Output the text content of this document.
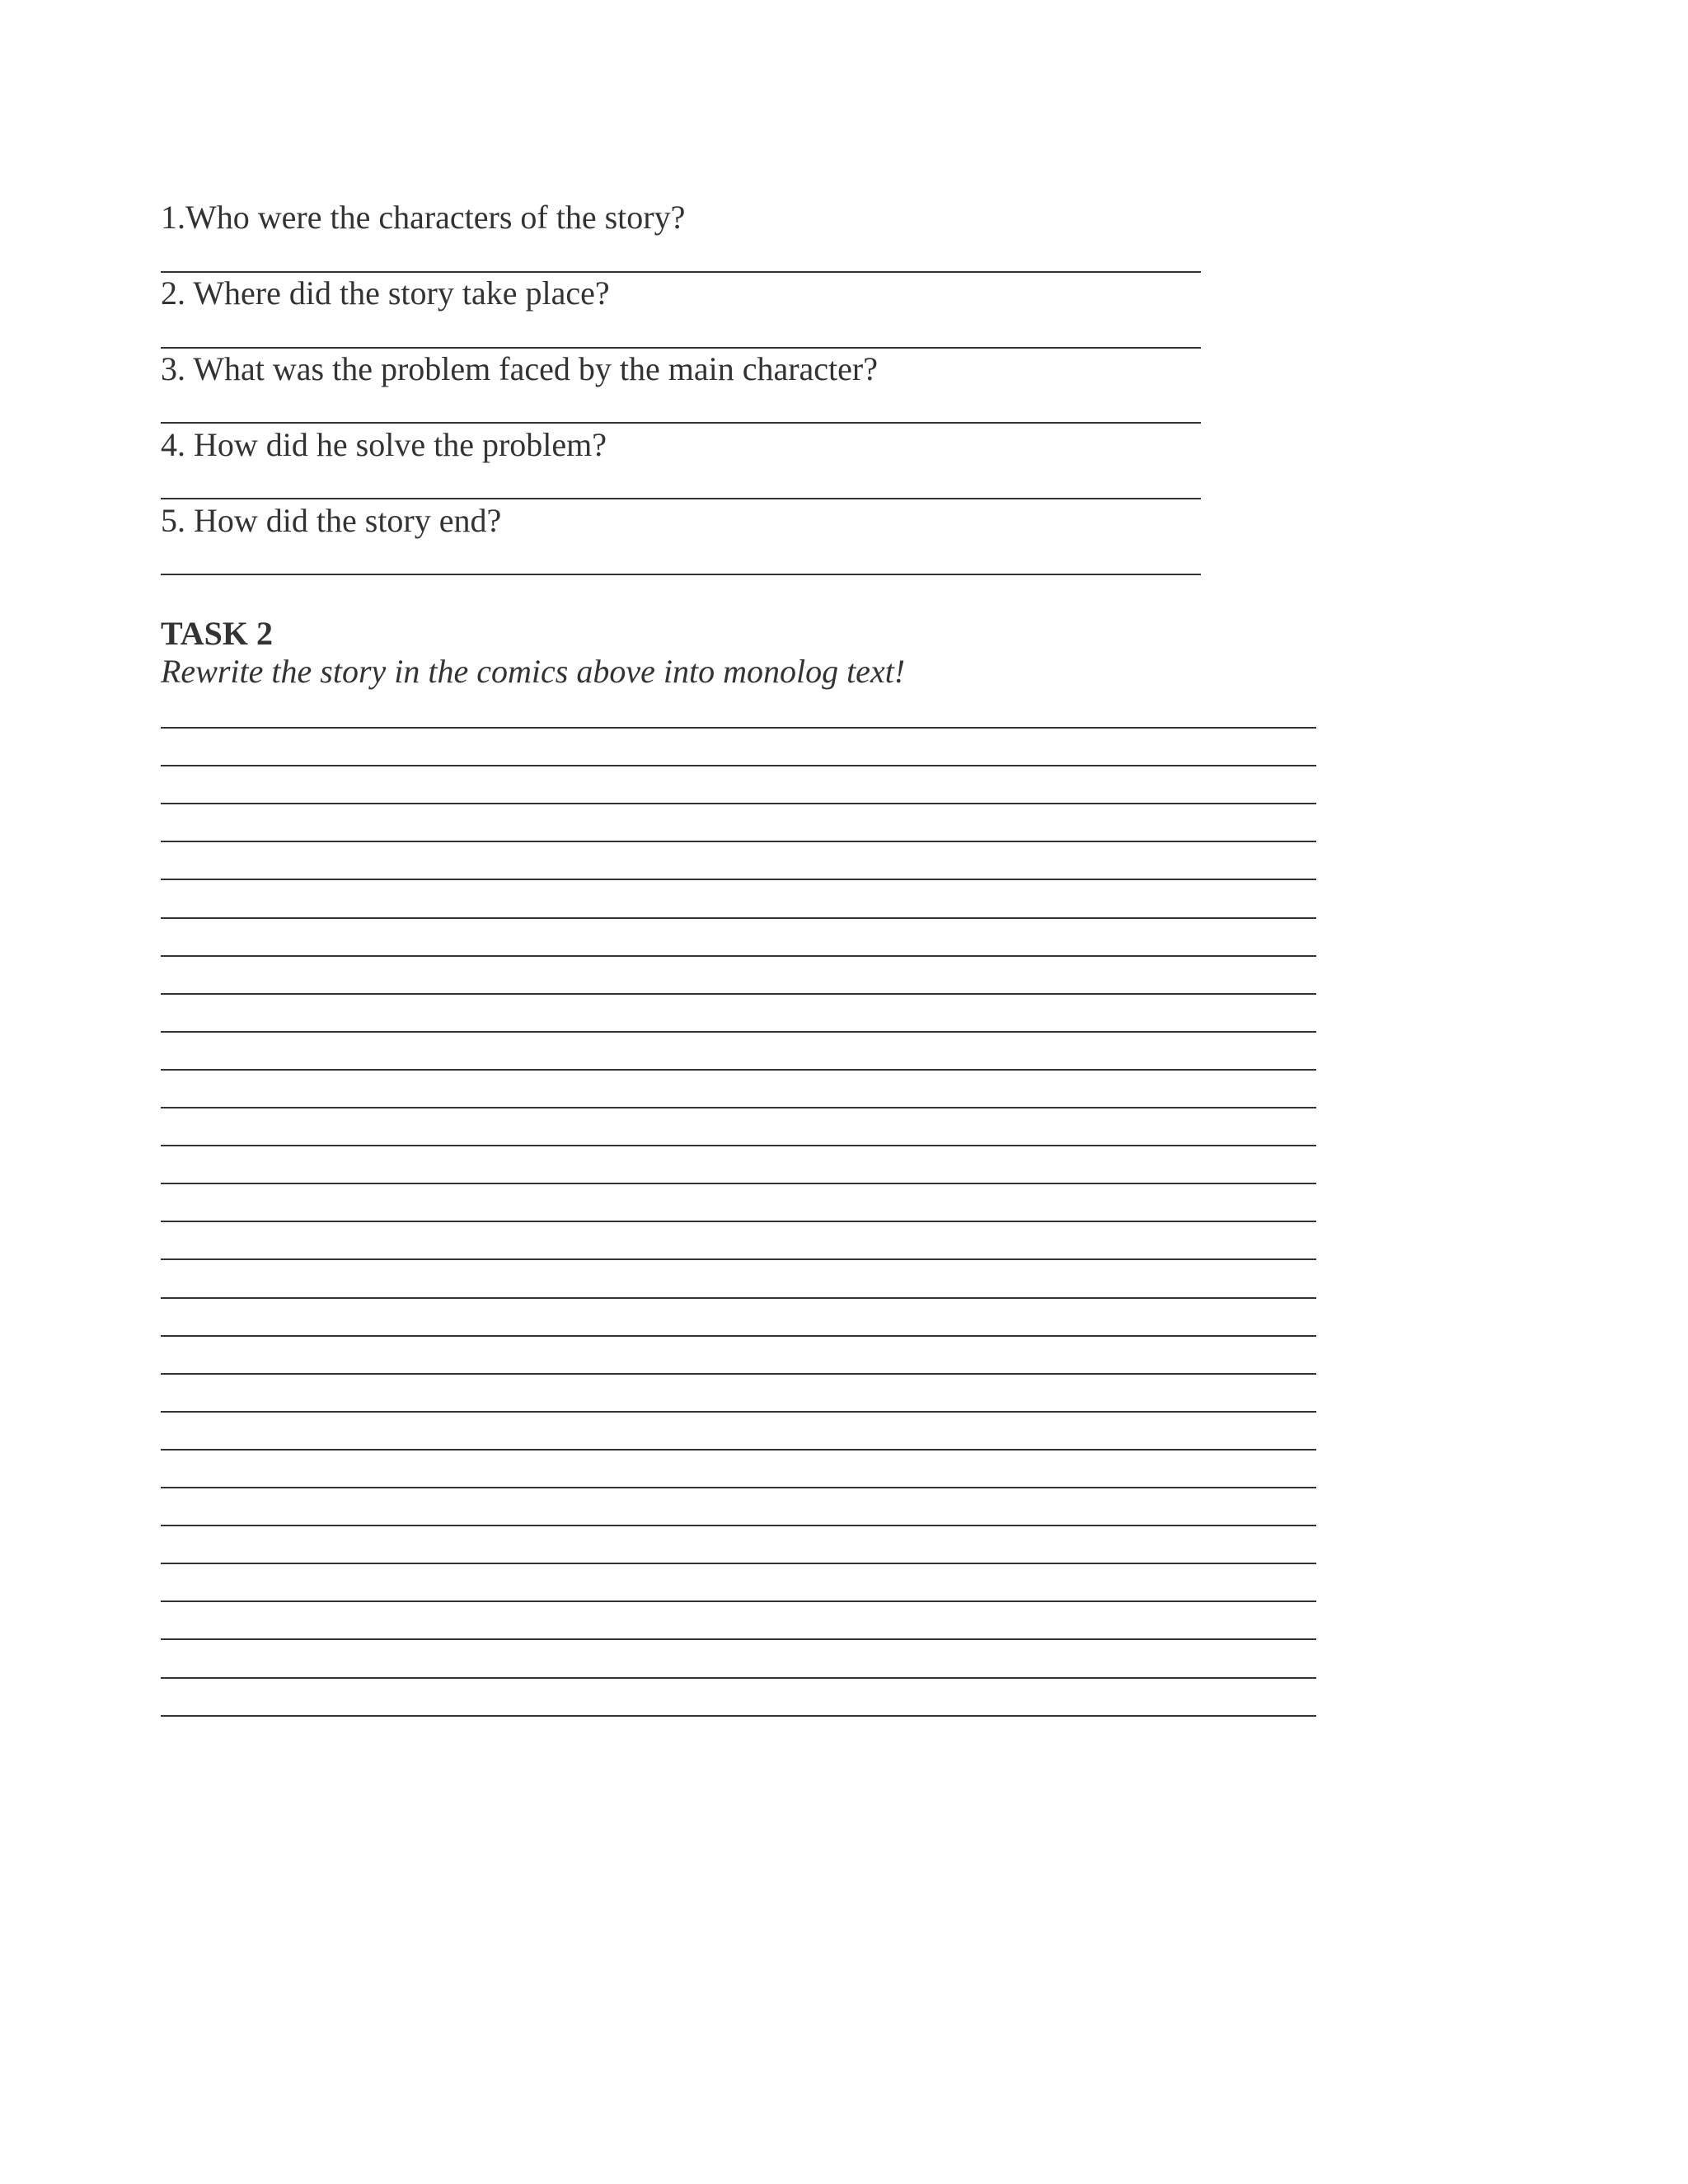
1.Who were the characters of the story?
2. Where did the story take place?
3. What was the problem faced by the main character?
4. How did he solve the problem?
5. How did the story end?
TASK 2
Rewrite the story in the comics above into monolog text!
